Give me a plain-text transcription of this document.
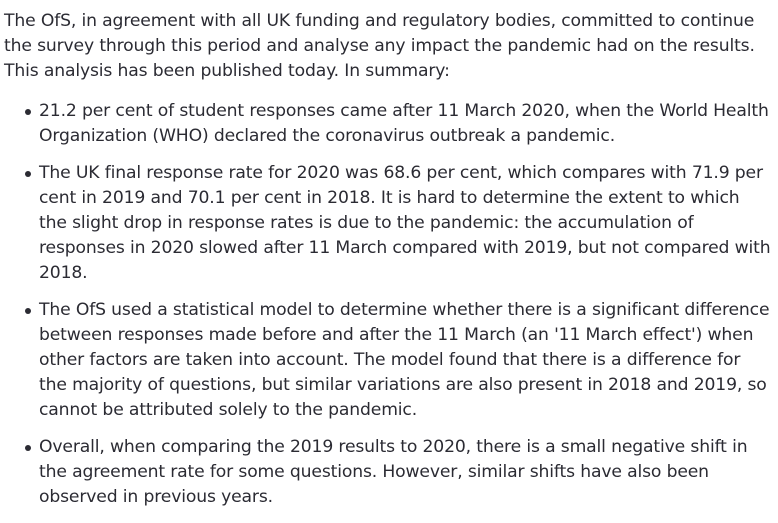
The OfS, in agreement with all UK funding and regulatory bodies, committed to continue the survey through this period and analyse any impact the pandemic had on the results. This analysis has been published today. In summary:

21.2 per cent of student responses came after 11 March 2020, when the World Health Organization (WHO) declared the coronavirus outbreak a pandemic.
The UK final response rate for 2020 was 68.6 per cent, which compares with 71.9 per cent in 2019 and 70.1 per cent in 2018. It is hard to determine the extent to which the slight drop in response rates is due to the pandemic: the accumulation of responses in 2020 slowed after 11 March compared with 2019, but not compared with 2018.
The OfS used a statistical model to determine whether there is a significant difference between responses made before and after the 11 March (an '11 March effect') when other factors are taken into account. The model found that there is a difference for the majority of questions, but similar variations are also present in 2018 and 2019, so cannot be attributed solely to the pandemic.
Overall, when comparing the 2019 results to 2020, there is a small negative shift in the agreement rate for some questions. However, similar shifts have also been observed in previous years.
